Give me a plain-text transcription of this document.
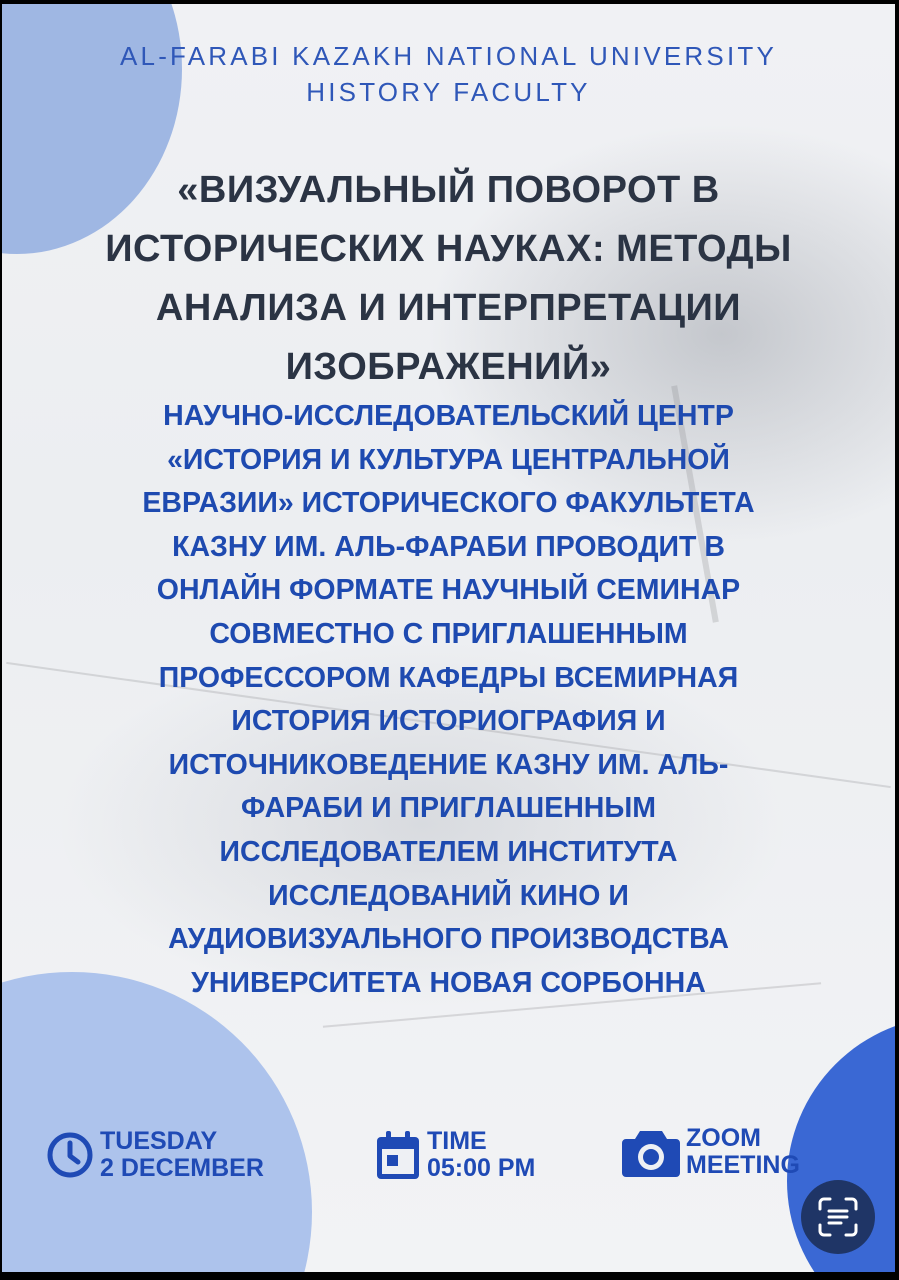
AL-FARABI KAZAKH NATIONAL UNIVERSITY
HISTORY FACULTY
«ВИЗУАЛЬНЫЙ ПОВОРОТ В
ИСТОРИЧЕСКИХ НАУКАХ: МЕТОДЫ
АНАЛИЗА И ИНТЕРПРЕТАЦИИ
ИЗОБРАЖЕНИЙ»
НАУЧНО-ИССЛЕДОВАТЕЛЬСКИЙ ЦЕНТР
«ИСТОРИЯ И КУЛЬТУРА ЦЕНТРАЛЬНОЙ
ЕВРАЗИИ» ИСТОРИЧЕСКОГО ФАКУЛЬТЕТА
КАЗНУ ИМ. АЛЬ-ФАРАБИ ПРОВОДИТ В
ОНЛАЙН ФОРМАТЕ НАУЧНЫЙ СЕМИНАР
СОВМЕСТНО С ПРИГЛАШЕННЫМ
ПРОФЕССОРОМ КАФЕДРЫ ВСЕМИРНАЯ
ИСТОРИЯ ИСТОРИОГРАФИЯ И
ИСТОЧНИКОВЕДЕНИЕ КАЗНУ ИМ. АЛЬ-
ФАРАБИ И ПРИГЛАШЕННЫМ
ИССЛЕДОВАТЕЛЕМ ИНСТИТУТА
ИССЛЕДОВАНИЙ КИНО И
АУДИОВИЗУАЛЬНОГО ПРОИЗВОДСТВА
УНИВЕРСИТЕТА НОВАЯ СОРБОННА
TUESDAY
2 DECEMBER
TIME
05:00 PM
ZOOM
MEETING
